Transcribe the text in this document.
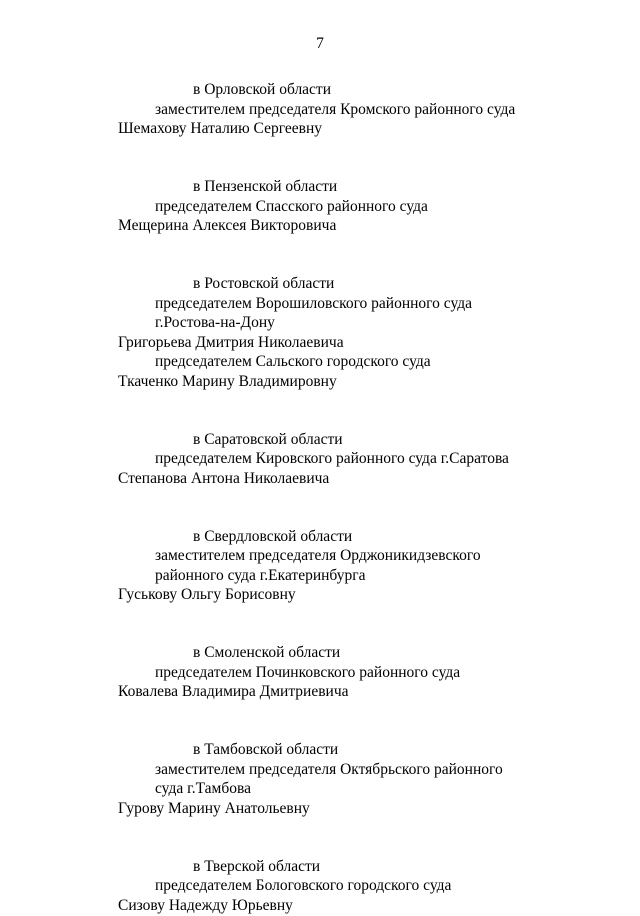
7
в Орловской области
заместителем председателя Кромского районного суда
Шемахову Наталию Сергеевну
в Пензенской области
председателем Спасского районного суда
Мещерина Алексея Викторовича
в Ростовской области
председателем Ворошиловского районного суда
г.Ростова-на-Дону
Григорьева Дмитрия Николаевича
председателем Сальского городского суда
Ткаченко Марину Владимировну
в Саратовской области
председателем Кировского районного суда г.Саратова
Степанова Антона Николаевича
в Свердловской области
заместителем председателя Орджоникидзевского
районного суда г.Екатеринбурга
Гуськову Ольгу Борисовну
в Смоленской области
председателем Починковского районного суда
Ковалева Владимира Дмитриевича
в Тамбовской области
заместителем председателя Октябрьского районного
суда г.Тамбова
Гурову Марину Анатольевну
в Тверской области
председателем Бологовского городского суда
Сизову Надежду Юрьевну
